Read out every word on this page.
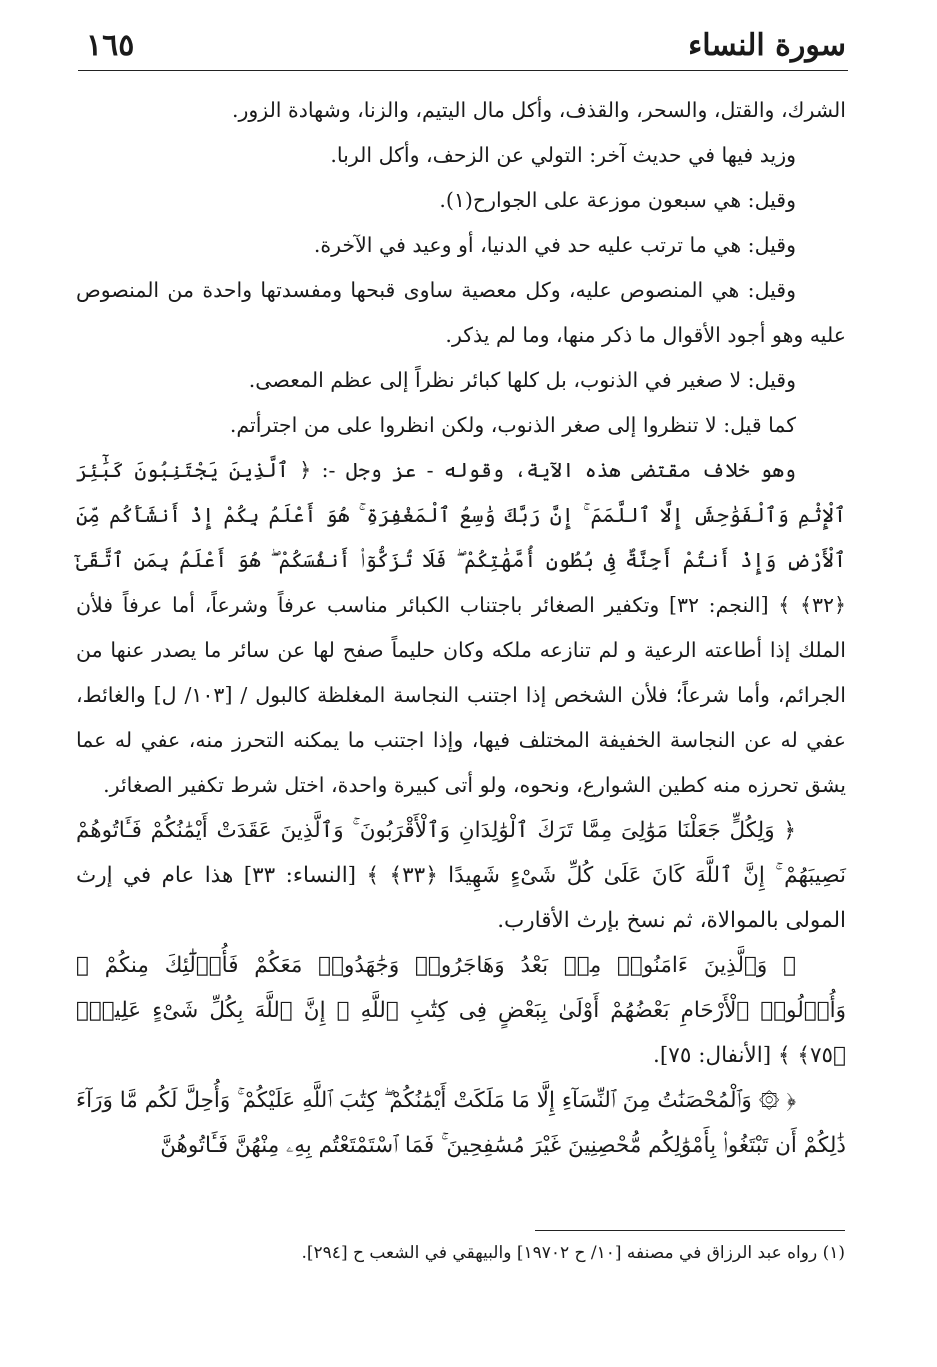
سورة النساء
١٦٥

الشرك، والقتل، والسحر، والقذف، وأكل مال اليتيم، والزنا، وشهادة الزور.

وزيد فيها في حديث آخر: التولي عن الزحف، وأكل الربا.

وقيل: هي سبعون موزعة على الجوارح(١).

وقيل: هي ما ترتب عليه حد في الدنيا، أو وعيد في الآخرة.

وقيل: هي المنصوص عليه، وكل معصية ساوى قبحها ومفسدتها واحدة من المنصوص عليه وهو أجود الأقوال ما ذكر منها، وما لم يذكر.

وقيل: لا صغير في الذنوب، بل كلها كبائر نظراً إلى عظم المعصى.

كما قيل: لا تنظروا إلى صغر الذنوب، ولكن انظروا على من اجترأتم.

وهو خلاف مقتضى هذه الآية، وقوله - عز وجل -: ﴿ ٱلَّذِينَ يَجْتَنِبُونَ كَبَٰٓئِرَ ٱلْإِثْمِ وَٱلْفَوَٰحِشَ إِلَّا ٱللَّمَمَ ۚ إِنَّ رَبَّكَ وَٰسِعُ ٱلْمَغْفِرَةِ ۚ هُوَ أَعْلَمُ بِكُمْ إِذْ أَنشَأَكُم مِّنَ ٱلْأَرْضِ وَإِذْ أَنتُمْ أَجِنَّةٌ فِى بُطُونِ أُمَّهَٰتِكُمْ ۖ فَلَا تُزَكُّوٓا۟ أَنفُسَكُمْ ۖ هُوَ أَعْلَمُ بِمَنِ ٱتَّقَىٰٓ ﴿٣٢﴾ ﴾ [النجم: ٣٢] وتكفير الصغائر باجتناب الكبائر مناسب عرفاً وشرعاً، أما عرفاً فلأن الملك إذا أطاعته الرعية و لم تنازعه ملكه وكان حليماً صفح لها عن سائر ما يصدر عنها من الجرائم، وأما شرعاً؛ فلأن الشخص إذا اجتنب النجاسة المغلظة كالبول / [١٠٣/ ل] والغائط، عفي له عن النجاسة الخفيفة المختلف فيها، وإذا اجتنب ما يمكنه التحرز منه، عفي له عما يشق تحرزه منه كطين الشوارع، ونحوه، ولو أتى كبيرة واحدة، اختل شرط تكفير الصغائر.

﴿ وَلِكُلٍّ جَعَلْنَا مَوَٰلِىَ مِمَّا تَرَكَ ٱلْوَٰلِدَانِ وَٱلْأَقْرَبُونَ ۚ وَٱلَّذِينَ عَقَدَتْ أَيْمَٰنُكُمْ فَـَٔاتُوهُمْ نَصِيبَهُمْ ۚ إِنَّ ٱللَّهَ كَانَ عَلَىٰ كُلِّ شَىْءٍ شَهِيدًا ﴿٣٣﴾ ﴾ [النساء: ٣٣] هذا عام في إرث المولى بالموالاة، ثم نسخ بإرث الأقارب.

﴿ وَٱلَّذِينَ ءَامَنُوا۟ مِنۢ بَعْدُ وَهَاجَرُوا۟ وَجَٰهَدُوا۟ مَعَكُمْ فَأُو۟لَٰٓئِكَ مِنكُمْ ۚ وَأُو۟لُوا۟ ٱلْأَرْحَامِ بَعْضُهُمْ أَوْلَىٰ بِبَعْضٍ فِى كِتَٰبِ ٱللَّهِ ۗ إِنَّ ٱللَّهَ بِكُلِّ شَىْءٍ عَلِيمٌۢ ﴿٧٥﴾ ﴾ [الأنفال: ٧٥].

﴿ ۞ وَٱلْمُحْصَنَٰتُ مِنَ ٱلنِّسَآءِ إِلَّا مَا مَلَكَتْ أَيْمَٰنُكُمْ ۖ كِتَٰبَ ٱللَّهِ عَلَيْكُمْ ۚ وَأُحِلَّ لَكُم مَّا وَرَآءَ ذَٰلِكُمْ أَن تَبْتَغُوا۟ بِأَمْوَٰلِكُم مُّحْصِنِينَ غَيْرَ مُسَٰفِحِينَ ۚ فَمَا ٱسْتَمْتَعْتُم بِهِۦ مِنْهُنَّ فَـَٔاتُوهُنَّ

(١) رواه عبد الرزاق في مصنفه [١٠/ ح ١٩٧٠٢] والبيهقي في الشعب ح [٢٩٤].
